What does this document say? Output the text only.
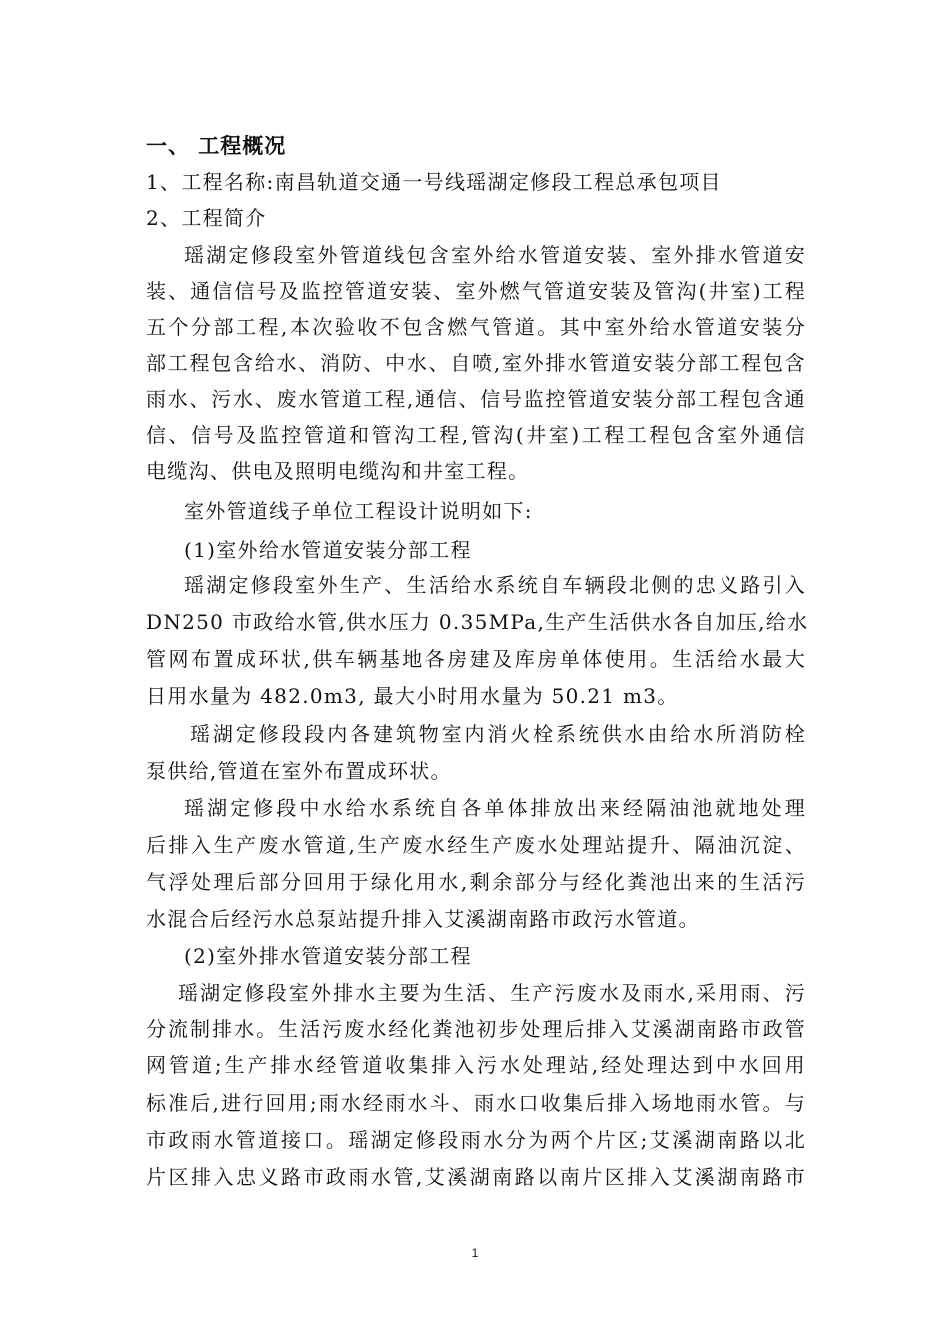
一、 工程概况
1、工程名称:南昌轨道交通一号线瑶湖定修段工程总承包项目
2、工程简介
瑶湖定修段室外管道线包含室外给水管道安装、室外排水管道安
装、通信信号及监控管道安装、室外燃气管道安装及管沟(井室)工程
五个分部工程,本次验收不包含燃气管道。其中室外给水管道安装分
部工程包含给水、消防、中水、自喷,室外排水管道安装分部工程包含
雨水、污水、废水管道工程,通信、信号监控管道安装分部工程包含通
信、信号及监控管道和管沟工程,管沟(井室)工程工程包含室外通信
电缆沟、供电及照明电缆沟和井室工程。
室外管道线子单位工程设计说明如下:
(1)室外给水管道安装分部工程
瑶湖定修段室外生产、生活给水系统自车辆段北侧的忠义路引入
DN250 市政给水管,供水压力 0.35MPa,生产生活供水各自加压,给水
管网布置成环状,供车辆基地各房建及库房单体使用。生活给水最大
日用水量为 482.0m3, 最大小时用水量为 50.21 m3。
瑶湖定修段段内各建筑物室内消火栓系统供水由给水所消防栓
泵供给,管道在室外布置成环状。
瑶湖定修段中水给水系统自各单体排放出来经隔油池就地处理
后排入生产废水管道,生产废水经生产废水处理站提升、隔油沉淀、
气浮处理后部分回用于绿化用水,剩余部分与经化粪池出来的生活污
水混合后经污水总泵站提升排入艾溪湖南路市政污水管道。
(2)室外排水管道安装分部工程
瑶湖定修段室外排水主要为生活、生产污废水及雨水,采用雨、污
分流制排水。生活污废水经化粪池初步处理后排入艾溪湖南路市政管
网管道;生产排水经管道收集排入污水处理站,经处理达到中水回用
标准后,进行回用;雨水经雨水斗、雨水口收集后排入场地雨水管。与
市政雨水管道接口。瑶湖定修段雨水分为两个片区;艾溪湖南路以北
片区排入忠义路市政雨水管,艾溪湖南路以南片区排入艾溪湖南路市
1
